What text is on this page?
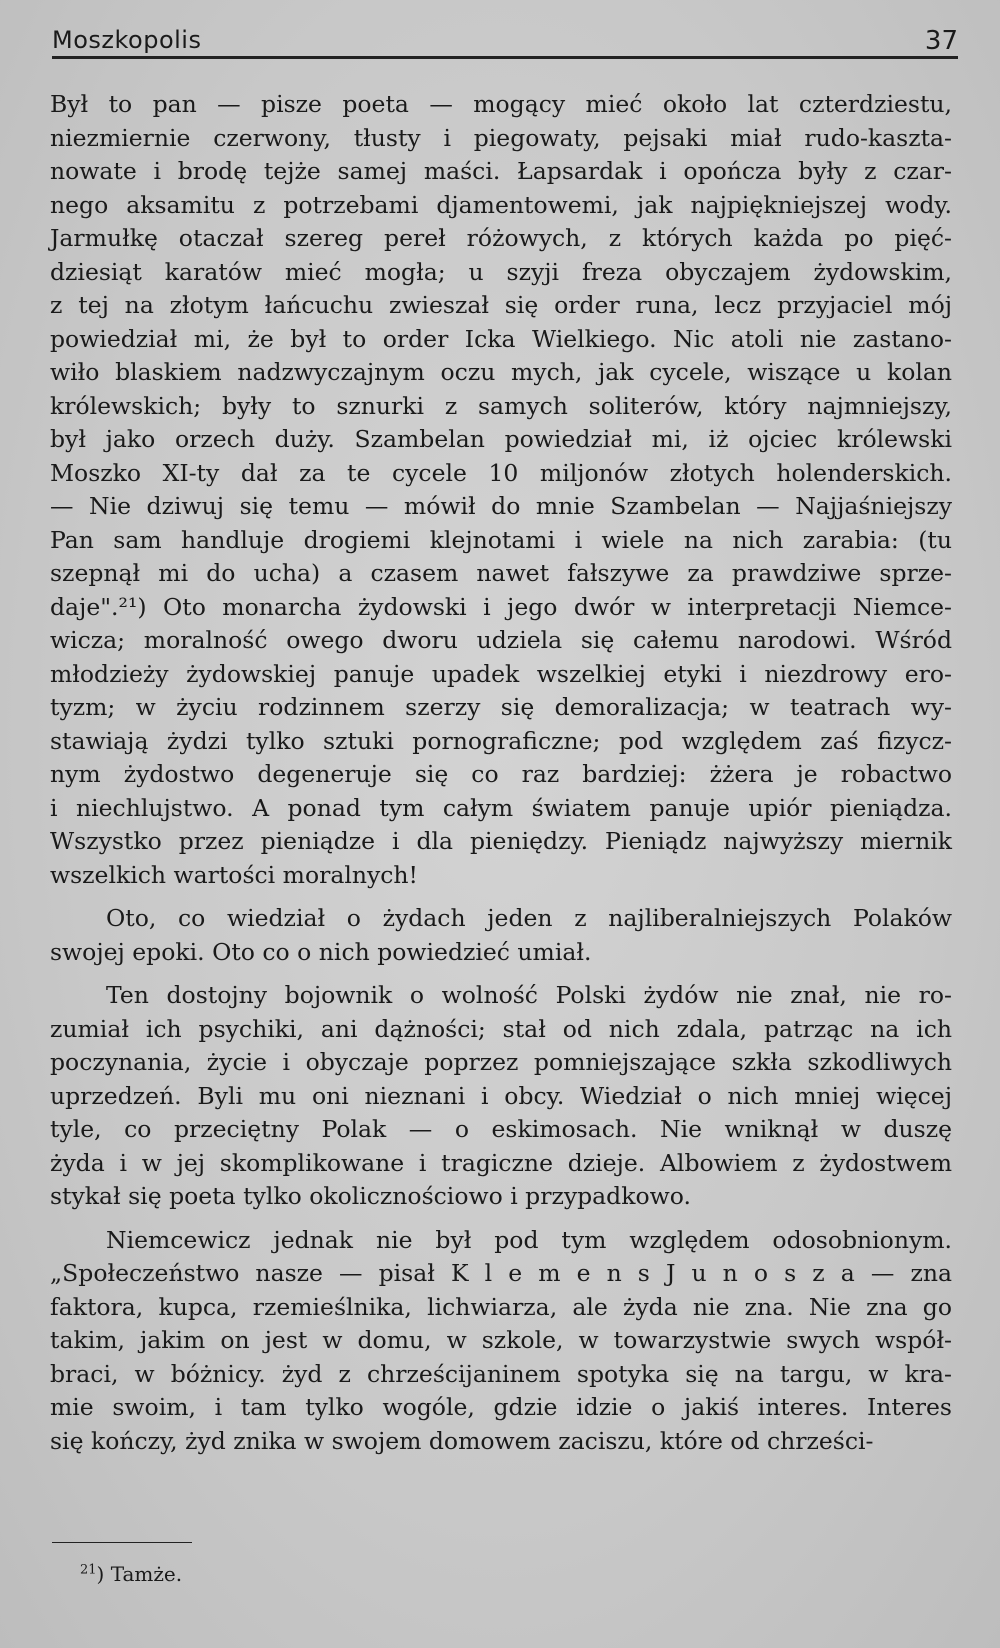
Moszkopolis	37
Był to pan — pisze poeta — mogący mieć około lat czterdziestu,
niezmiernie czerwony, tłusty i piegowaty, pejsaki miał rudo-kaszta-
nowate i brodę tejże samej maści. Łapsardak i opończa były z czar-
nego aksamitu z potrzebami djamentowemi, jak najpiękniejszej wody.
Jarmułkę otaczał szereg pereł różowych, z których każda po pięć-
dziesiąt karatów mieć mogła; u szyji freza obyczajem żydowskim,
z tej na złotym łańcuchu zwieszał się order runa, lecz przyjaciel mój
powiedział mi, że był to order Icka Wielkiego. Nic atoli nie zastano-
wiło blaskiem nadzwyczajnym oczu mych, jak cycele, wiszące u kolan
królewskich; były to sznurki z samych soliterów, który najmniejszy,
był jako orzech duży. Szambelan powiedział mi, iż ojciec królewski
Moszko XI-ty dał za te cycele 10 miljonów złotych holenderskich.
— Nie dziwuj się temu — mówił do mnie Szambelan — Najjaśniejszy
Pan sam handluje drogiemi klejnotami i wiele na nich zarabia: (tu
szepnął mi do ucha) a czasem nawet fałszywe za prawdziwe sprze-
daje".²¹) Oto monarcha żydowski i jego dwór w interpretacji Niemce-
wicza; moralność owego dworu udziela się całemu narodowi. Wśród
młodzieży żydowskiej panuje upadek wszelkiej etyki i niezdrowy ero-
tyzm; w życiu rodzinnem szerzy się demoralizacja; w teatrach wy-
stawiają żydzi tylko sztuki pornograficzne; pod względem zaś fizycz-
nym żydostwo degeneruje się co raz bardziej: żżera je robactwo
i niechlujstwo. A ponad tym całym światem panuje upiór pieniądza.
Wszystko przez pieniądze i dla pieniędzy. Pieniądz najwyższy miernik
wszelkich wartości moralnych!
Oto, co wiedział o żydach jeden z najliberalniejszych Polaków
swojej epoki. Oto co o nich powiedzieć umiał.
Ten dostojny bojownik o wolność Polski żydów nie znał, nie ro-
zumiał ich psychiki, ani dążności; stał od nich zdala, patrząc na ich
poczynania, życie i obyczaje poprzez pomniejszające szkła szkodliwych
uprzedzeń. Byli mu oni nieznani i obcy. Wiedział o nich mniej więcej
tyle, co przeciętny Polak — o eskimosach. Nie wniknął w duszę
żyda i w jej skomplikowane i tragiczne dzieje. Albowiem z żydostwem
stykał się poeta tylko okolicznościowo i przypadkowo.
Niemcewicz jednak nie był pod tym względem odosobnionym.
„Społeczeństwo nasze — pisał K l e m e n s J u n o s z a — zna
faktora, kupca, rzemieślnika, lichwiarza, ale żyda nie zna. Nie zna go
takim, jakim on jest w domu, w szkole, w towarzystwie swych współ-
braci, w bóżnicy. żyd z chrześcijaninem spotyka się na targu, w kra-
mie swoim, i tam tylko wogóle, gdzie idzie o jakiś interes. Interes
się kończy, żyd znika w swojem domowem zaciszu, które od chrześci-
$^{21}$) Tamże.
